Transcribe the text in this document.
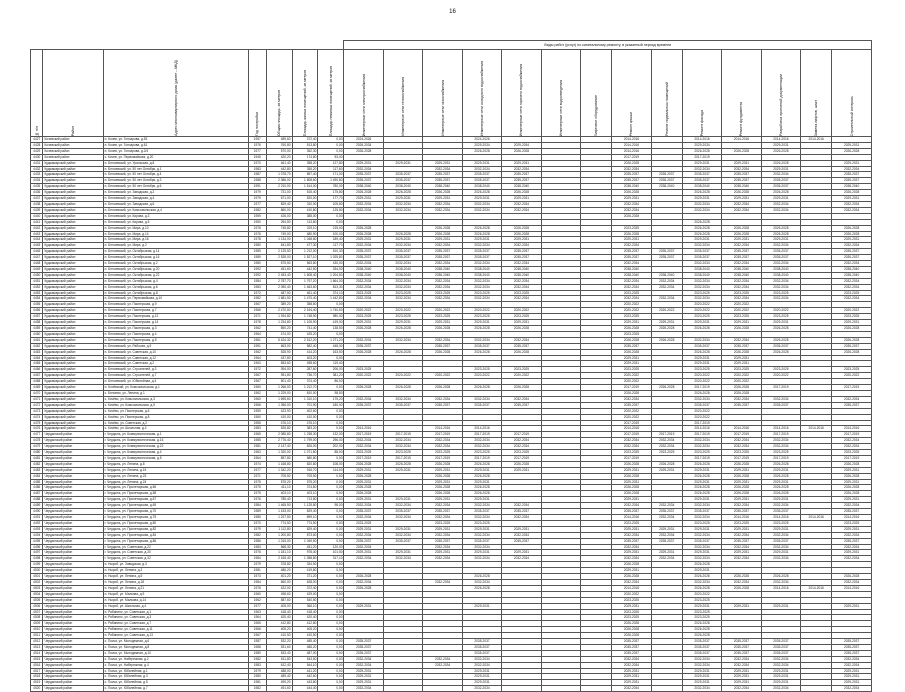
16
							Виды работ (услуг) по капитальному ремонту, в указанный период времени													

№ п/п	Район	Адрес многоквартирного дома (далее – МКД)	Год постройки	Общая площадь, кв.метров	Площадь жилых помещений, кв.метров	Площадь нежилых помещений, кв.метров	Инженерные сети электроснабжения	Инженерные сети теплоснабжения	Инженерные сети газоснабжения	Инженерные сети холодного водоснабжения	Инженерные сети горячего водоснабжения	Инженерные сети водоотведения	Лифтовое оборудование	Ремонт крыши	Ремонт подвальных помещений	Ремонт фасада	Ремонт фундамента	Разработка проектной документации	Замена лифтов, шахт	Строительный контроль

4427	Кочевский район	п. Кочев, ул. Гончарова, д.53	1957	489,60	372,40	0,00	2024-2026			2024-2026				2014-2016		2014-2016	2014-2016	2014-2016	2014-2016	
4428	Кочевский район	п. Кочев, ул. Гончарова, д.61	1976	760,80	513,80	0,00	2026-2034			2029-2034	2029-2034			2014-2016		2029-2034		2029-2031		2029-2031
4429	Кочевский район	п. Кочев, ул. Гончарова, д.2/4	1977	570,00	352,30	0,00	2026-2028			2026-2028	2026-2028			2014-2016		2026-2028	2026-2028	2026-2028		2026-2028
4430	Кочевский район	с. Кочев, ул. Первомайская, д.20	1945	420,20	174,80	53,40								2017-2019		2017-2019				
4431	Кудымкарский район	п. Белоевский, ул. Уральская, д.8	1970	461,40	358,20	127,80	2029-2031	2029-2031	2029-2031	2029-2031	2029-2031			2026-2028		2029-2031	2029-2031	2026-2028		2029-2031
4432	Кудымкарский район	п. Белоевский, ул. 50 лет Октября, д.1	1983	442,80	355,20	117,60	2032-2034		2032-2034	2032-2034	2032-2034			2032-2034		2032-2034	2032-2034	2029-2031		2032-2034
4433	Кудымкарский район	п. Белоевский, ул. 50 лет Октября, д.4	1987	1 078,70	857,40	171,00	2035-2037	2035-2037	2035-2037	2035-2037	2035-2037			2035-2037	2035-2037	2035-2037	2035-2037	2032-2034		2035-2037
4434	Кудымкарский район	п. Белоевский, ул. 50 лет Октября, д.3	1988	2 386,00	1 808,60	1 490,80	2035-2037	2035-2037	2035-2037	2035-2037	2035-2037			2035-2037	2035-2037	2035-2037	2035-2037	2035-2037		2035-2037
4435	Кудымкарский район	п. Белоевский, ул. 50 лет Октября, д.6	1991	2 210,00	1 614,00	780,00	2038-2040	2038-2040	2038-2040	2038-2040	2038-2040			2038-2040	2038-2040	2038-2040	2038-2040	2035-2037		2038-2040
4436	Кудымкарский район	п. Белоевский, ул. Заводская, д.2	1979	731,00	515,40	175,80	2026-2028	2026-2028	2026-2028	2026-2028	2026-2028			2026-2028		2026-2028	2026-2028	2026-2028		2026-2028
4437	Кудымкарский район	п. Белоевский, ул. Заводская, д.4	1979	671,00	520,00	177,70	2029-2031	2029-2031	2029-2031	2029-2031	2029-2031			2029-2031		2029-2031	2029-2031	2029-2031		2029-2031
4438	Кудымкарский район	п. Белоевский, ул. Заводская, д.6	1977	829,40	310,00	105,80	2032-2034	2032-2034	2032-2034	2032-2034	2032-2034			2032-2034		2032-2034	2032-2034	2032-2034		2032-2034
4439	Кудымкарский район	п. Белоевский, ул. Комсомольская, д.4	1982	860,00	410,80	125,80	2032-2034	2032-2034	2032-2034	2032-2034	2032-2034			2032-2034		2032-2034	2032-2034	2032-2034		2032-2034
4440	Кудымкарский район	п. Белоевский, ул. Кирова, д.3	1959	426,00	385,00	0,00								2026-2028						
4441	Кудымкарский район	п. Белоевский, ул. Кирова, д.5	1950	254,50	113,80	0,00										2026-2028				
4442	Кудымкарский район	п. Белоевский, ул. Мира, д.10	1976	745,80	319,10	215,00	2026-2028		2026-2028	2026-2028	2026-2028			2023-2025		2026-2028	2026-2028	2026-2028		2026-2028
4443	Кудымкарский район	п. Белоевский, ул. Мира, д.14	1976	749,00	480,90	100,00	2026-2028	2026-2028	2026-2028	2026-2028	2026-2028			2026-2028		2026-2028	2026-2028	2026-2028		2026-2028
4444	Кудымкарский район	п. Белоевский, ул. Мира, д.16	1978	1 134,00	1 048,80	189,40	2029-2031	2029-2031	2029-2031	2029-2031	2029-2031			2029-2031		2029-2031	2029-2031	2029-2031		2029-2031
4445	Кудымкарский район	п. Белоевский, ул. Мира, д.2	1980	641,80	477,30	117,70	2032-2034	2032-2034	2032-2034	2032-2034	2032-2034			2032-2034		2032-2034	2032-2034	2032-2034		2032-2034
4446	Кудымкарский район	п. Белоевский, ул. Октябрьская, д.14	1989	2 125,50	1 212,00	510,30	2035-2037	2035-2037	2035-2037	2035-2037	2035-2037			2035-2037	2035-2037	2035-2037	2035-2037	2035-2037		2035-2037
4447	Кудымкарский район	п. Белоевский, ул. Октябрьская, д.16	1989	2 528,00	1 527,10	1 025,80	2035-2037	2035-2037	2035-2037	2035-2037	2035-2037			2035-2037	2035-2037	2035-2037	2035-2037	2035-2037		2035-2037
4448	Кудымкарский район	п. Белоевский, ул. Октябрьская, д.2	1980	675,50	563,80	430,00	2032-2034	2032-2034	2032-2034	2032-2034	2032-2034			2032-2034		2032-2034	2032-2034	2032-2034		2032-2034
4449	Кудымкарский район	п. Белоевский, ул. Октябрьская, д.20	1992	451,60	442,50	334,00	2038-2040	2038-2040	2038-2040	2038-2040	2038-2040			2038-2040		2038-2040	2038-2040	2038-2040		2038-2040
4450	Кудымкарский район	п. Белоевский, ул. Октябрьская, д.22	1992	2 453,40	1 608,40	1 204,50	2038-2040	2038-2040	2038-2040	2038-2040	2038-2040			2038-2040	2038-2040	2038-2040	2038-2040	2038-2040		2038-2040
4451	Кудымкарский район	п. Белоевский, ул. Октябрьская, д.4	1984	2 787,70	1 797,20	1 664,00	2032-2034	2032-2034	2032-2034	2032-2034	2032-2034			2032-2034	2032-2034	2032-2034	2032-2034	2032-2034		2032-2034
4452	Кудымкарский район	п. Белоевский, ул. Октябрьская, д.6	1983	2 050,40	1 463,60	813,30	2032-2034	2032-2034	2032-2034	2032-2034	2032-2034			2032-2034	2032-2034	2032-2034	2032-2034	2032-2034		2032-2034
4453	Кудымкарский район	п. Белоевский, ул. Октябрьская, д.8	1972	487,50	461,40	374,10	2023-2025	2023-2025	2023-2025	2023-2025	2023-2025			2023-2025		2023-2025	2023-2025	2023-2025		2023-2025
4454	Кудымкарский район	п. Белоевский, ул. Первомайская, д.10	1982	1 681,50	1 470,40	1 442,80	2032-2034	2032-2034	2032-2034	2032-2034	2032-2034			2032-2034	2032-2034	2032-2034	2032-2034	2032-2034		2032-2034
4455	Кудымкарский район	п. Белоевский, ул. Пионерская, д.9	1967	389,20	358,50	0,00								2020-2022		2020-2022	2020-2022			
4456	Кудымкарский район	п. Белоевский, ул. Пионерская, д.7	1966	2 470,50	2 164,40	1 740,50	2020-2022	2020-2022	2020-2022	2020-2022	2020-2022			2020-2022	2020-2022	2020-2022	2020-2022	2020-2022		2020-2022
4457	Кудымкарский район	п. Белоевский, ул. Пионерская, д.12	1971	1 934,80	1 748,90	980,00	2023-2025	2023-2025	2023-2025	2023-2025	2023-2025			2023-2025		2023-2025	2023-2025	2023-2025		2023-2025
4458	Кудымкарский район	п. Белоевский, ул. Пионерская, д.14	1978	1 234,80	1 105,90	419,00	2029-2031	2029-2031	2029-2031	2029-2031	2029-2031			2029-2031	2029-2031	2029-2031	2029-2031	2029-2031		2029-2031
4459	Кудымкарский район	п. Белоевский, ул. Пионерская, д.3	1962	850,20	741,40	138,50	2026-2028	2026-2028	2026-2028	2026-2028	2026-2028			2026-2028	2026-2028	2026-2028	2026-2028	2026-2028		2026-2028
4460	Кудымкарский район	п. Белоевский, ул. Пионерская, д.4	1964	474,00	425,20	0,00								2023-2025						
4461	Кудымкарский район	п. Белоевский, ул. Пионерская, д.5	1961	5 424,30	2 512,20	1 271,20	2032-2034	2032-2034	2032-2034	2032-2034	2032-2034			2026-2028	2026-2028	2032-2034	2032-2034	2026-2028		2026-2028
4462	Кудымкарский район	п. Белоевский, ул. Рабочая, д.9	1991	663,00	582,40	448,00	2035-2037		2035-2037	2035-2037	2035-2037			2035-2037		2035-2037	2035-2037	2035-2037		2035-2037
4463	Кудымкарский район	п. Белоевский, ул. Советская, д.10	1962	528,90	414,20	163,50	2026-2028	2026-2028	2026-2028	2026-2028	2026-2028			2026-2028		2026-2028	2026-2028	2026-2028		2026-2028
4464	Кудымкарский район	п. Белоевский, ул. Советская, д.12	1964	437,80	403,20	0,00								2029-2031		2029-2031	2029-2031			
4465	Кудымкарский район	п. Белоевский, ул. Советская, д.2	1963	653,60	498,60	119,40								2029-2031		2029-2031	2029-2031			
4466	Кудымкарский район	п. Белоевский, ул. Строителей, д.3	1972	394,00	287,60	206,00	2023-2025			2023-2025	2023-2025			2023-2025		2023-2025	2023-2025	2023-2025		2023-2025
4467	Кудымкарский район	п. Белоевский, ул. Строителей, д.7	1967	951,80	736,70	381,20	2020-2022	2020-2022	2020-2022	2020-2022	2020-2022			2020-2022		2020-2022	2020-2022	2020-2022		2020-2022
4468	Кудымкарский район	п. Белоевский, ул. Юбилейная, д.4	1967	501,40	374,40	86,00								2020-2022		2020-2022	2020-2022			
4469	Кудымкарский район	п. Кочёвский, ул. Комсомольская, д.1	1960	1 266,00	1 212,70	0,00	2026-2028	2026-2028	2026-2028	2026-2028	2026-2028			2017-2019	2026-2028	2017-2019	2026-2028	2017-2019		2017-2019
4470	Кудымкарский район	с. Белоево, ул. Ленина, д.1	1962	1 229,00	810,00	98,50								2026-2028		2026-2028	2026-2028			
4471	Кудымкарский район	с. Кочёво, ул. Комсомольская, д.3	1960	1 695,60	1 310,10	175,20	2032-2034	2032-2034	2032-2034	2032-2034	2032-2034			2032-2034		2032-2034	2032-2034	2032-2034		2032-2034
4472	Кудымкарский район	с. Кочёво, ул. Комсомольская, д.5	1966	1 356,00	701,90	180,00	2035-2037	2035-2037	2035-2037	2035-2037	2035-2037			2035-2037		2035-2037	2035-2037	2035-2037		2035-2037
4473	Кудымкарский район	с. Кочёво, ул. Пионерская, д.6	1959	423,90	402,60	0,00								2020-2022		2020-2022				
4474	Кудымкарский район	с. Кочёво, ул. Пионерская, д.8	1960	410,00	410,00	0,00								2020-2022		2020-2022				
4475	Кудымкарский район	с. Кочёво, ул. Советская, д.2	1955	476,10	476,10	0,00								2017-2019		2017-2019				
4476	Кудымкарский район	с. Кочёво, ул. Школьная, д.4	1983	525,80	383,20	0,00	2014-2016		2014-2016	2014-2016				2014-2016		2014-2016	2014-2016	2014-2016	2014-2016	2014-2016
4477	Чердынский район	г. Чердынь, ул. Коммунистическая, д.1	1965	2 085,80	1 238,30	132,00	2017-2019	2017-2019	2017-2019	2017-2019	2017-2019			2017-2019	2017-2019	2017-2019	2017-2019	2017-2019		2017-2019
4478	Чердынский район	г. Чердынь, ул. Коммунистическая, д.16	1985	2 776,40	1 799,00	296,00	2032-2034	2032-2034	2032-2034	2032-2034	2032-2034			2032-2034	2032-2034	2032-2034	2032-2034	2032-2034		2032-2034
4479	Чердынский район	г. Чердынь, ул. Коммунистическая, д.22	1981	2 147,40	826,00	202,00	2032-2034	2032-2034	2032-2034	2032-2034	2032-2034			2032-2034	2032-2034	2032-2034	2032-2034	2032-2034		2032-2034
4480	Чердынский район	г. Чердынь, ул. Коммунистическая, д.4	1963	1 320,00	1 071,80	88,00	2023-2025	2023-2025	2023-2025	2023-2025	2023-2025			2023-2025	2023-2025	2023-2025	2023-2025	2023-2025		2023-2025
4481	Чердынский район	г. Чердынь, ул. Коммунистическая, д.5	1964	857,80	680,80	0,00	2017-2019	2017-2019	2017-2019	2017-2019	2017-2019			2017-2019		2017-2019	2017-2019	2017-2019		2017-2019
4482	Чердынский район	г. Чердынь, ул. Ленина, д.8	1974	1 168,80	820,80	108,00	2026-2028	2026-2028	2026-2028	2026-2028	2026-2028			2026-2028	2026-2028	2026-2028	2026-2028	2026-2028		2026-2028
4483	Чердынский район	г. Чердынь, ул. Ленина, д.15	1977	1 342,20	916,70	114,00	2029-2031	2029-2031	2029-2031	2029-2031	2029-2031			2029-2031	2029-2031	2029-2031	2029-2031	2029-2031		2029-2031
4484	Чердынский район	г. Чердынь, ул. Ленина, д.23	1971	705,50	705,50	0,00	2026-2028		2026-2028	2026-2028				2026-2028		2026-2028	2026-2028	2026-2028		2026-2028
4485	Чердынский район	г. Чердынь, ул. Ленина, д.24	1975	575,20	575,20	0,00	2029-2031		2029-2031	2029-2031				2029-2031		2029-2031	2029-2031	2029-2031		2029-2031
4486	Чердынский район	г. Чердынь, ул. Пролетарская, д.56	1975	411,10	374,60	0,00	2026-2028		2026-2028	2026-2028				2026-2028		2026-2028	2026-2028	2026-2028		2026-2028
4487	Чердынский район	г. Чердынь, ул. Пролетарская, д.58	1975	403,10	403,10	0,00	2026-2028		2026-2028	2026-2028				2026-2028		2026-2028	2026-2028	2026-2028		2026-2028
4488	Чердынский район	г. Чердынь, ул. Пролетарская, д.67	1976	785,40	713,80	0,00	2029-2031	2029-2031	2029-2031	2029-2031				2029-2031		2029-2031	2029-2031	2029-2031		2029-2031
4489	Чердынский район	г. Чердынь, ул. Пролетарская, д.69	1984	1 465,50	1 125,80	98,00	2032-2034	2032-2034	2032-2034	2032-2034	2032-2034			2032-2034	2032-2034	2032-2034	2032-2034	2032-2034		2032-2034
4490	Чердынский район	г. Чердынь, ул. Пролетарская, д.70	1989	1 153,00	829,40	0,00	2035-2037	2035-2037	2035-2037	2035-2037	2035-2037			2035-2037	2035-2037	2035-2037	2035-2037	2035-2037		2035-2037
4491	Чердынский район	г. Чердынь, ул. Пролетарская, д.75	1985	1 227,50	899,10	0,00	2032-2034	2032-2034	2032-2034	2032-2034	2032-2034			2014-2016	2032-2034	2032-2034	2014-2016	2014-2016	2014-2016	2014-2016
4492	Чердынский район	г. Чердынь, ул. Пролетарская, д.80	1970	774,50	774,50	0,00	2023-2025		2023-2025	2023-2025				2023-2025		2023-2025	2023-2025	2023-2025		2023-2025
4493	Чердынский район	г. Чердынь, ул. Пролетарская, д.82	1979	1 112,80	829,40	0,00	2029-2031	2029-2031	2029-2031	2029-2031	2029-2031			2029-2031	2029-2031	2029-2031	2029-2031	2029-2031		2029-2031
4494	Чердынский район	г. Чердынь, ул. Пролетарская, д.84	1982	1 200,80	873,60	0,00	2032-2034	2032-2034	2032-2034	2032-2034	2032-2034			2032-2034	2032-2034	2032-2034	2032-2034	2032-2034		2032-2034
4495	Чердынский район	г. Чердынь, ул. Пролетарская, д.86	1986	1 315,00	1 049,50	0,00	2035-2037	2035-2037	2035-2037	2035-2037	2035-2037			2035-2037	2035-2037	2035-2037	2035-2037	2035-2037		2035-2037
4496	Чердынский район	г. Чердынь, ул. Советская, д.22	1983	568,30	451,20	120,00	2032-2034		2032-2034	2032-2034				2032-2034		2032-2034	2032-2034	2032-2034		2032-2034
4497	Чердынский район	г. Чердынь, ул. Советская, д.30	1976	1 181,10	978,40	101,50	2029-2031	2029-2031	2029-2031	2029-2031	2029-2031			2029-2031	2029-2031	2029-2031	2029-2031	2029-2031		2029-2031
4498	Чердынский район	г. Чердынь, ул. Советская, д.32	1984	2 165,40	1 358,80	317,10	2032-2034	2032-2034	2032-2034	2032-2034	2032-2034			2032-2034	2032-2034	2032-2034	2032-2034	2032-2034		2032-2034
4499	Чердынский район	п. Ныроб, ул. Заводская, д.3	1979	378,80	334,50	0,00								2026-2028		2026-2028				
4500	Чердынский район	п. Ныроб, ул. Ленина, д.2	1981	486,20	419,80	0,00								2029-2031		2029-2031				
4501	Чердынский район	п. Ныроб, ул. Ленина, д.5	1973	401,20	371,20	0,00	2026-2028			2026-2028				2026-2028		2026-2028	2026-2028	2026-2028		2026-2028
4502	Чердынский район	п. Ныроб, ул. Ленина, д.18	1984	660,00	628,00	0,00	2032-2034		2032-2034	2032-2034				2032-2034		2032-2034	2032-2034	2032-2034		2032-2034
4503	Чердынский район	п. Ныроб, ул. Ленина, д.21	1976	422,00	372,40	0,00	2026-2028			2026-2028				2014-2016		2026-2028	2026-2028	2014-2016	2014-2016	2014-2016
4504	Чердынский район	п. Ныроб, ул. Малкова, д.9	1960	498,60	429,00	0,00								2020-2022		2020-2022				
4505	Чердынский район	п. Ныроб, ул. Малкова, д.14	1962	587,60	540,50	0,00								2023-2025		2023-2025				
4506	Чердынский район	п. Ныроб, ул. Школьная, д.4	1977	405,00	366,10	0,00	2029-2031			2029-2031				2029-2031		2029-2031	2029-2031	2029-2031		2029-2031
4507	Чердынский район	п. Рябинино, ул. Советская, д.1	1963	418,40	418,40	0,00								2023-2025		2023-2025				
4508	Чердынский район	п. Рябинино, ул. Советская, д.3	1964	420,40	420,40	0,00								2023-2025		2023-2025				
4509	Чердынский район	п. Рябинино, ул. Советская, д.7	1965	412,80	412,80	0,00								2026-2028		2026-2028				
4510	Чердынский район	п. Рябинино, ул. Советская, д.11	1966	405,20	405,20	0,00								2026-2028		2026-2028				
4511	Чердынский район	п. Рябинино, ул. Советская, д.13	1967	410,50	410,50	0,00								2026-2028		2026-2028				
4512	Чердынский район	с. Покча, ул. Молодежная, д.6	1987	532,20	485,40	0,00	2035-2037			2035-2037				2035-2037		2035-2037	2035-2037	2035-2037		2035-2037
4513	Чердынский район	с. Покча, ул. Молодежная, д.8	1988	531,60	486,20	0,00	2035-2037			2035-2037				2035-2037		2035-2037	2035-2037	2035-2037		2035-2037
4514	Чердынский район	с. Покча, ул. Молодежная, д.10	1989	533,40	487,00	0,00	2035-2037			2035-2037				2035-2037		2035-2037	2035-2037	2035-2037		2035-2037
4515	Чердынский район	с. Покча, ул. Набережная, д.2	1982	611,80	543,50	0,00	2032-2034		2032-2034	2032-2034				2032-2034		2032-2034	2032-2034	2032-2034		2032-2034
4516	Чердынский район	с. Покча, ул. Набережная, д.4	1983	612,40	544,10	0,00	2032-2034		2032-2034	2032-2034				2032-2034		2032-2034	2032-2034	2032-2034		2032-2034
4517	Чердынский район	с. Покча, ул. Юбилейная, д.1	1979	488,00	441,20	0,00	2029-2031			2029-2031				2029-2031		2029-2031	2029-2031	2029-2031		2029-2031
4518	Чердынский район	с. Покча, ул. Юбилейная, д.3	1980	489,40	442,60	0,00	2029-2031			2029-2031				2029-2031		2029-2031	2029-2031	2029-2031		2029-2031
4519	Чердынский район	с. Покча, ул. Юбилейная, д.5	1981	490,20	443,80	0,00	2029-2031			2029-2031				2029-2031		2029-2031	2029-2031	2029-2031		2029-2031
4520	Чердынский район	с. Покча, ул. Юбилейная, д.7	1982	491,60	444,40	0,00	2032-2034			2032-2034				2032-2034		2032-2034	2032-2034	2032-2034		2032-2034
